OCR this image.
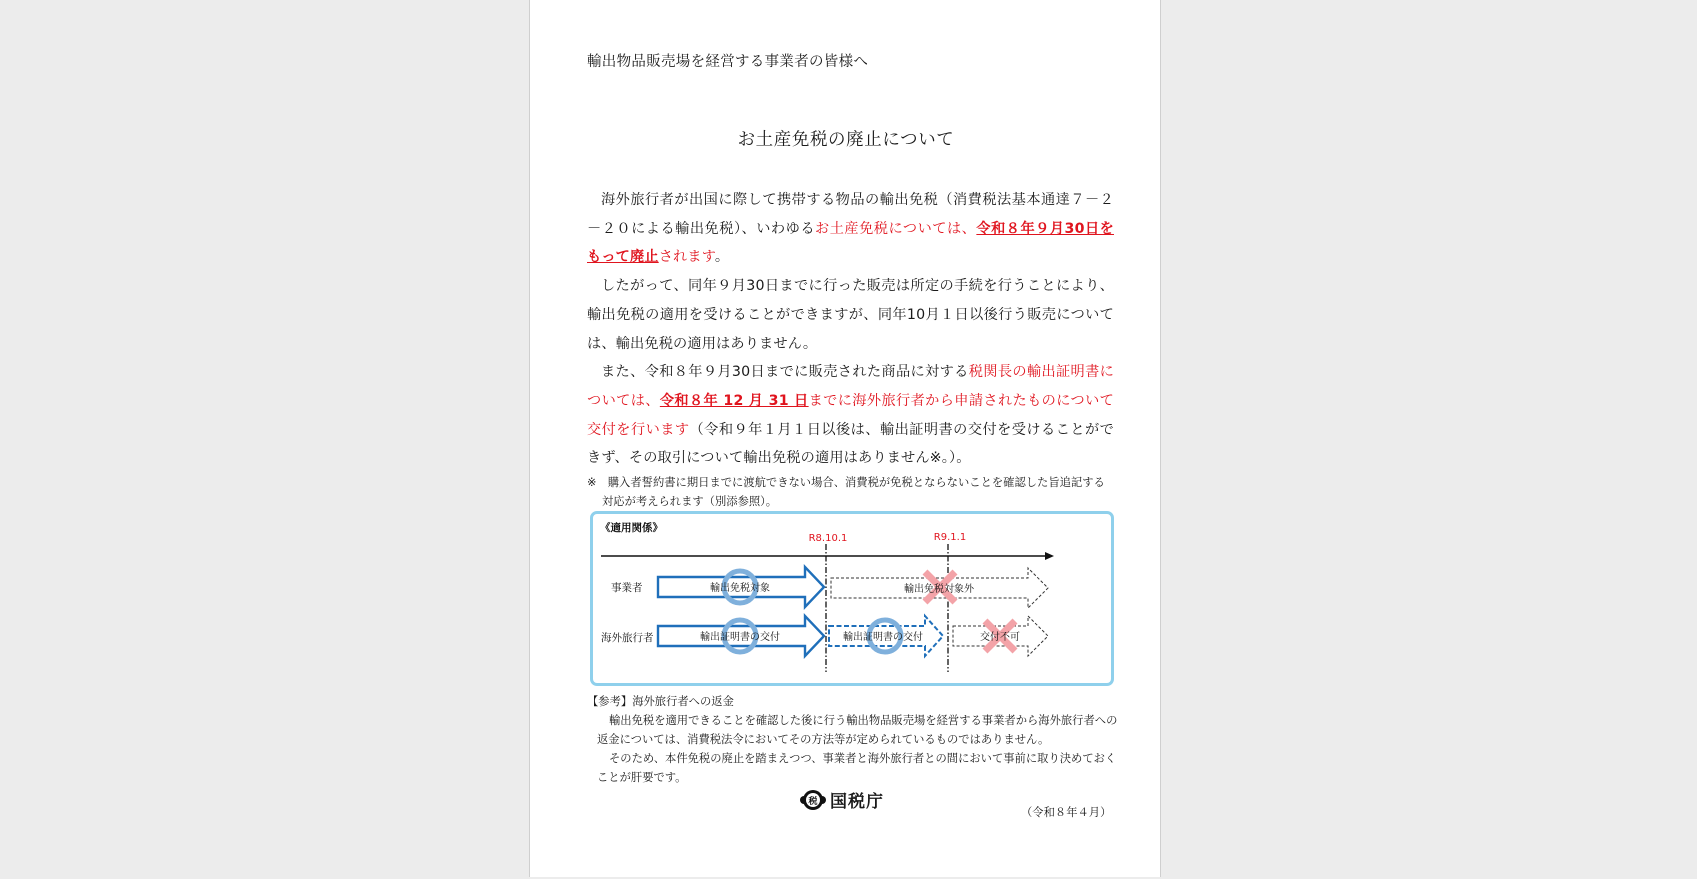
輸出物品販売場を経営する事業者の皆様へ
お土産免税の廃止について

海外旅行者が出国に際して携帯する物品の輸出免税（消費税法基本通達７－２－２０による輸出免税）、いわゆるお土産免税については、令和８年９月30日をもって廃止されます。

したがって、同年９月30日までに行った販売は所定の手続を行うことにより、輸出免税の適用を受けることができますが、同年10月１日以後行う販売については、輸出免税の適用はありません。

また、令和８年９月30日までに販売された商品に対する税関長の輸出証明書については、令和８年 12 月 31 日までに海外旅行者から申請されたものについて交付を行います（令和９年１月１日以後は、輸出証明書の交付を受けることができず、その取引について輸出免税の適用はありません※。）。

※　購入者誓約書に期日までに渡航できない場合、消費税が免税とならないことを確認した旨追記する
対応が考えられます（別添参照）。
《適用関係》
R8.10.1	R9.1.1
事業者
海外旅行者
輸出免税対象	輸出免税対象外
輸出証明書の交付	輸出証明書の交付	交付不可
【参考】海外旅行者への返金

輸出免税を適用できることを確認した後に行う輸出物品販売場を経営する事業者から海外旅行者への返金については、消費税法令においてその方法等が定められているものではありません。

そのため、本件免税の廃止を踏まえつつ、事業者と海外旅行者との間において事前に取り決めておくことが肝要です。

税 国税庁
（令和８年４月）
